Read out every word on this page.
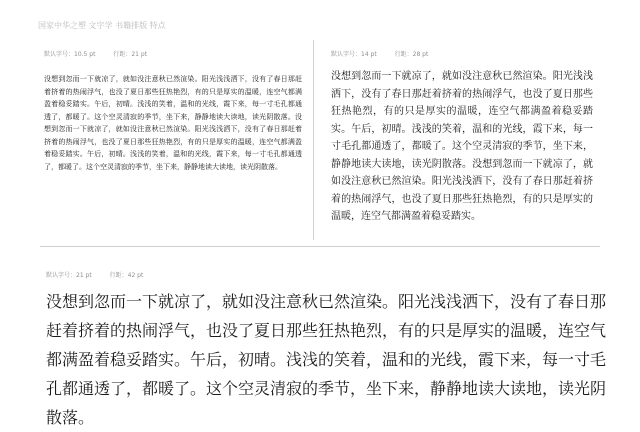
国家中华之塑 文字学 书籍排版 特点
默认字号：10.5 pt	行距：21 pt

没想到忽而一下就凉了，就如没注意秋已然渲染。阳光浅浅洒下，没有了春日那赶着挤着的热闹浮气，也没了夏日那些狂热艳烈，有的只是厚实的温暖，连空气都满盈着稳妥踏实。午后，初晴。浅浅的笑着，温和的光线，霞下来，每一寸毛孔都通透了，都暖了。这个空灵清寂的季节，坐下来，静静地读大读地，读光阴散落。没想到忽而一下就凉了，就如没注意秋已然渲染。阳光浅浅洒下，没有了春日那赶着挤着的热闹浮气，也没了夏日那些狂热艳烈，有的只是厚实的温暖，连空气都满盈着稳妥踏实。午后，初晴。浅浅的笑着，温和的光线，霞下来，每一寸毛孔都通透了，都暖了。这个空灵清寂的季节，坐下来，静静地读大读地，读光阴散落。

默认字号：14 pt	行距：28 pt

没想到忽而一下就凉了，就如没注意秋已然渲染。阳光浅浅洒下，没有了春日那赶着挤着的热闹浮气，也没了夏日那些狂热艳烈，有的只是厚实的温暖，连空气都满盈着稳妥踏实。午后，初晴。浅浅的笑着，温和的光线，霞下来，每一寸毛孔都通透了，都暖了。这个空灵清寂的季节，坐下来，静静地读大读地，读光阴散落。没想到忽而一下就凉了，就如没注意秋已然渲染。阳光浅浅洒下，没有了春日那赶着挤着的热闹浮气，也没了夏日那些狂热艳烈，有的只是厚实的温暖，连空气都满盈着稳妥踏实。

默认字号：21 pt	行距：42 pt

没想到忽而一下就凉了，就如没注意秋已然渲染。阳光浅浅洒下，没有了春日那赶着挤着的热闹浮气，也没了夏日那些狂热艳烈，有的只是厚实的温暖，连空气都满盈着稳妥踏实。午后，初晴。浅浅的笑着，温和的光线，霞下来，每一寸毛孔都通透了，都暖了。这个空灵清寂的季节，坐下来，静静地读大读地，读光阴散落。
